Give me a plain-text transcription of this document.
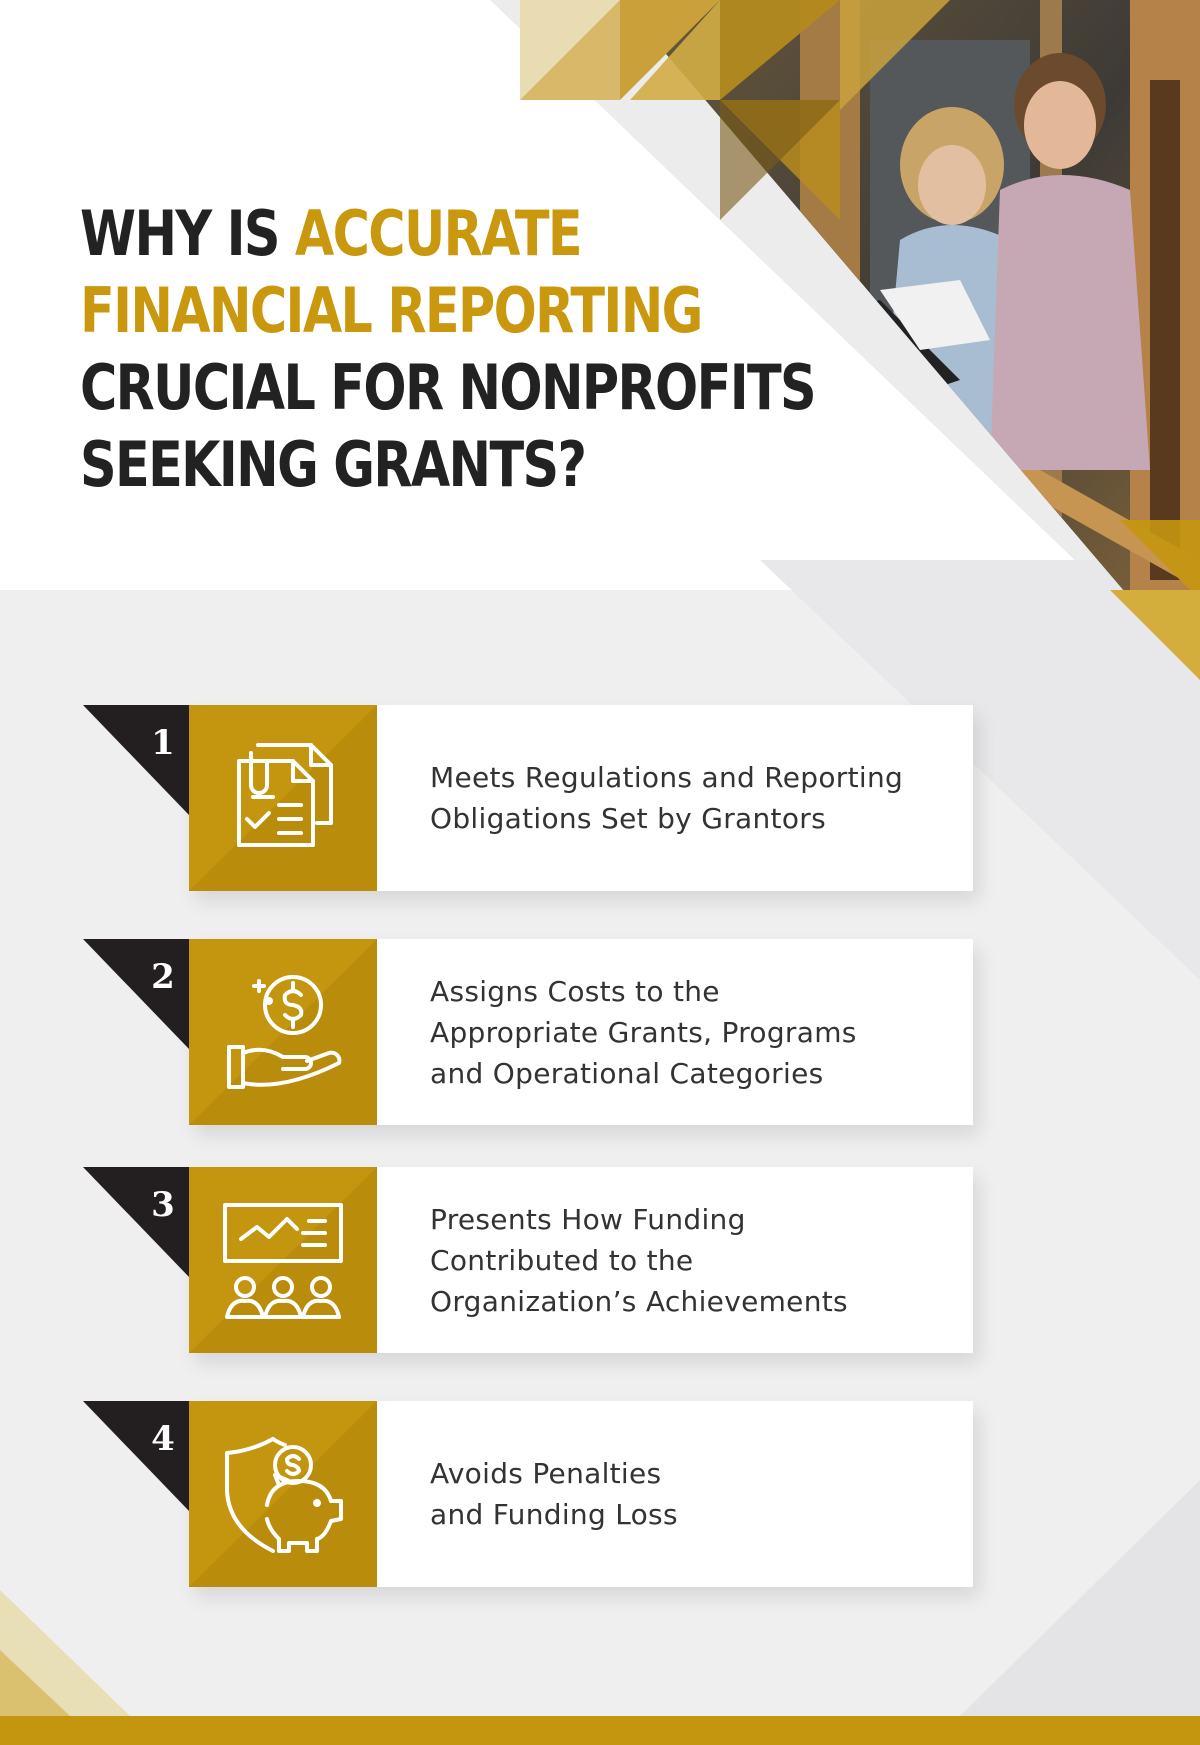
WHY IS ACCURATE
FINANCIAL REPORTING
CRUCIAL FOR NONPROFITS
SEEKING GRANTS?
1
Meets Regulations and Reporting
Obligations Set by Grantors
2	Assigns Costs to the
Appropriate Grants, Programs
and Operational Categories
3	Presents How Funding
Contributed to the
Organization’s Achievements
4
Avoids Penalties
and Funding Loss
